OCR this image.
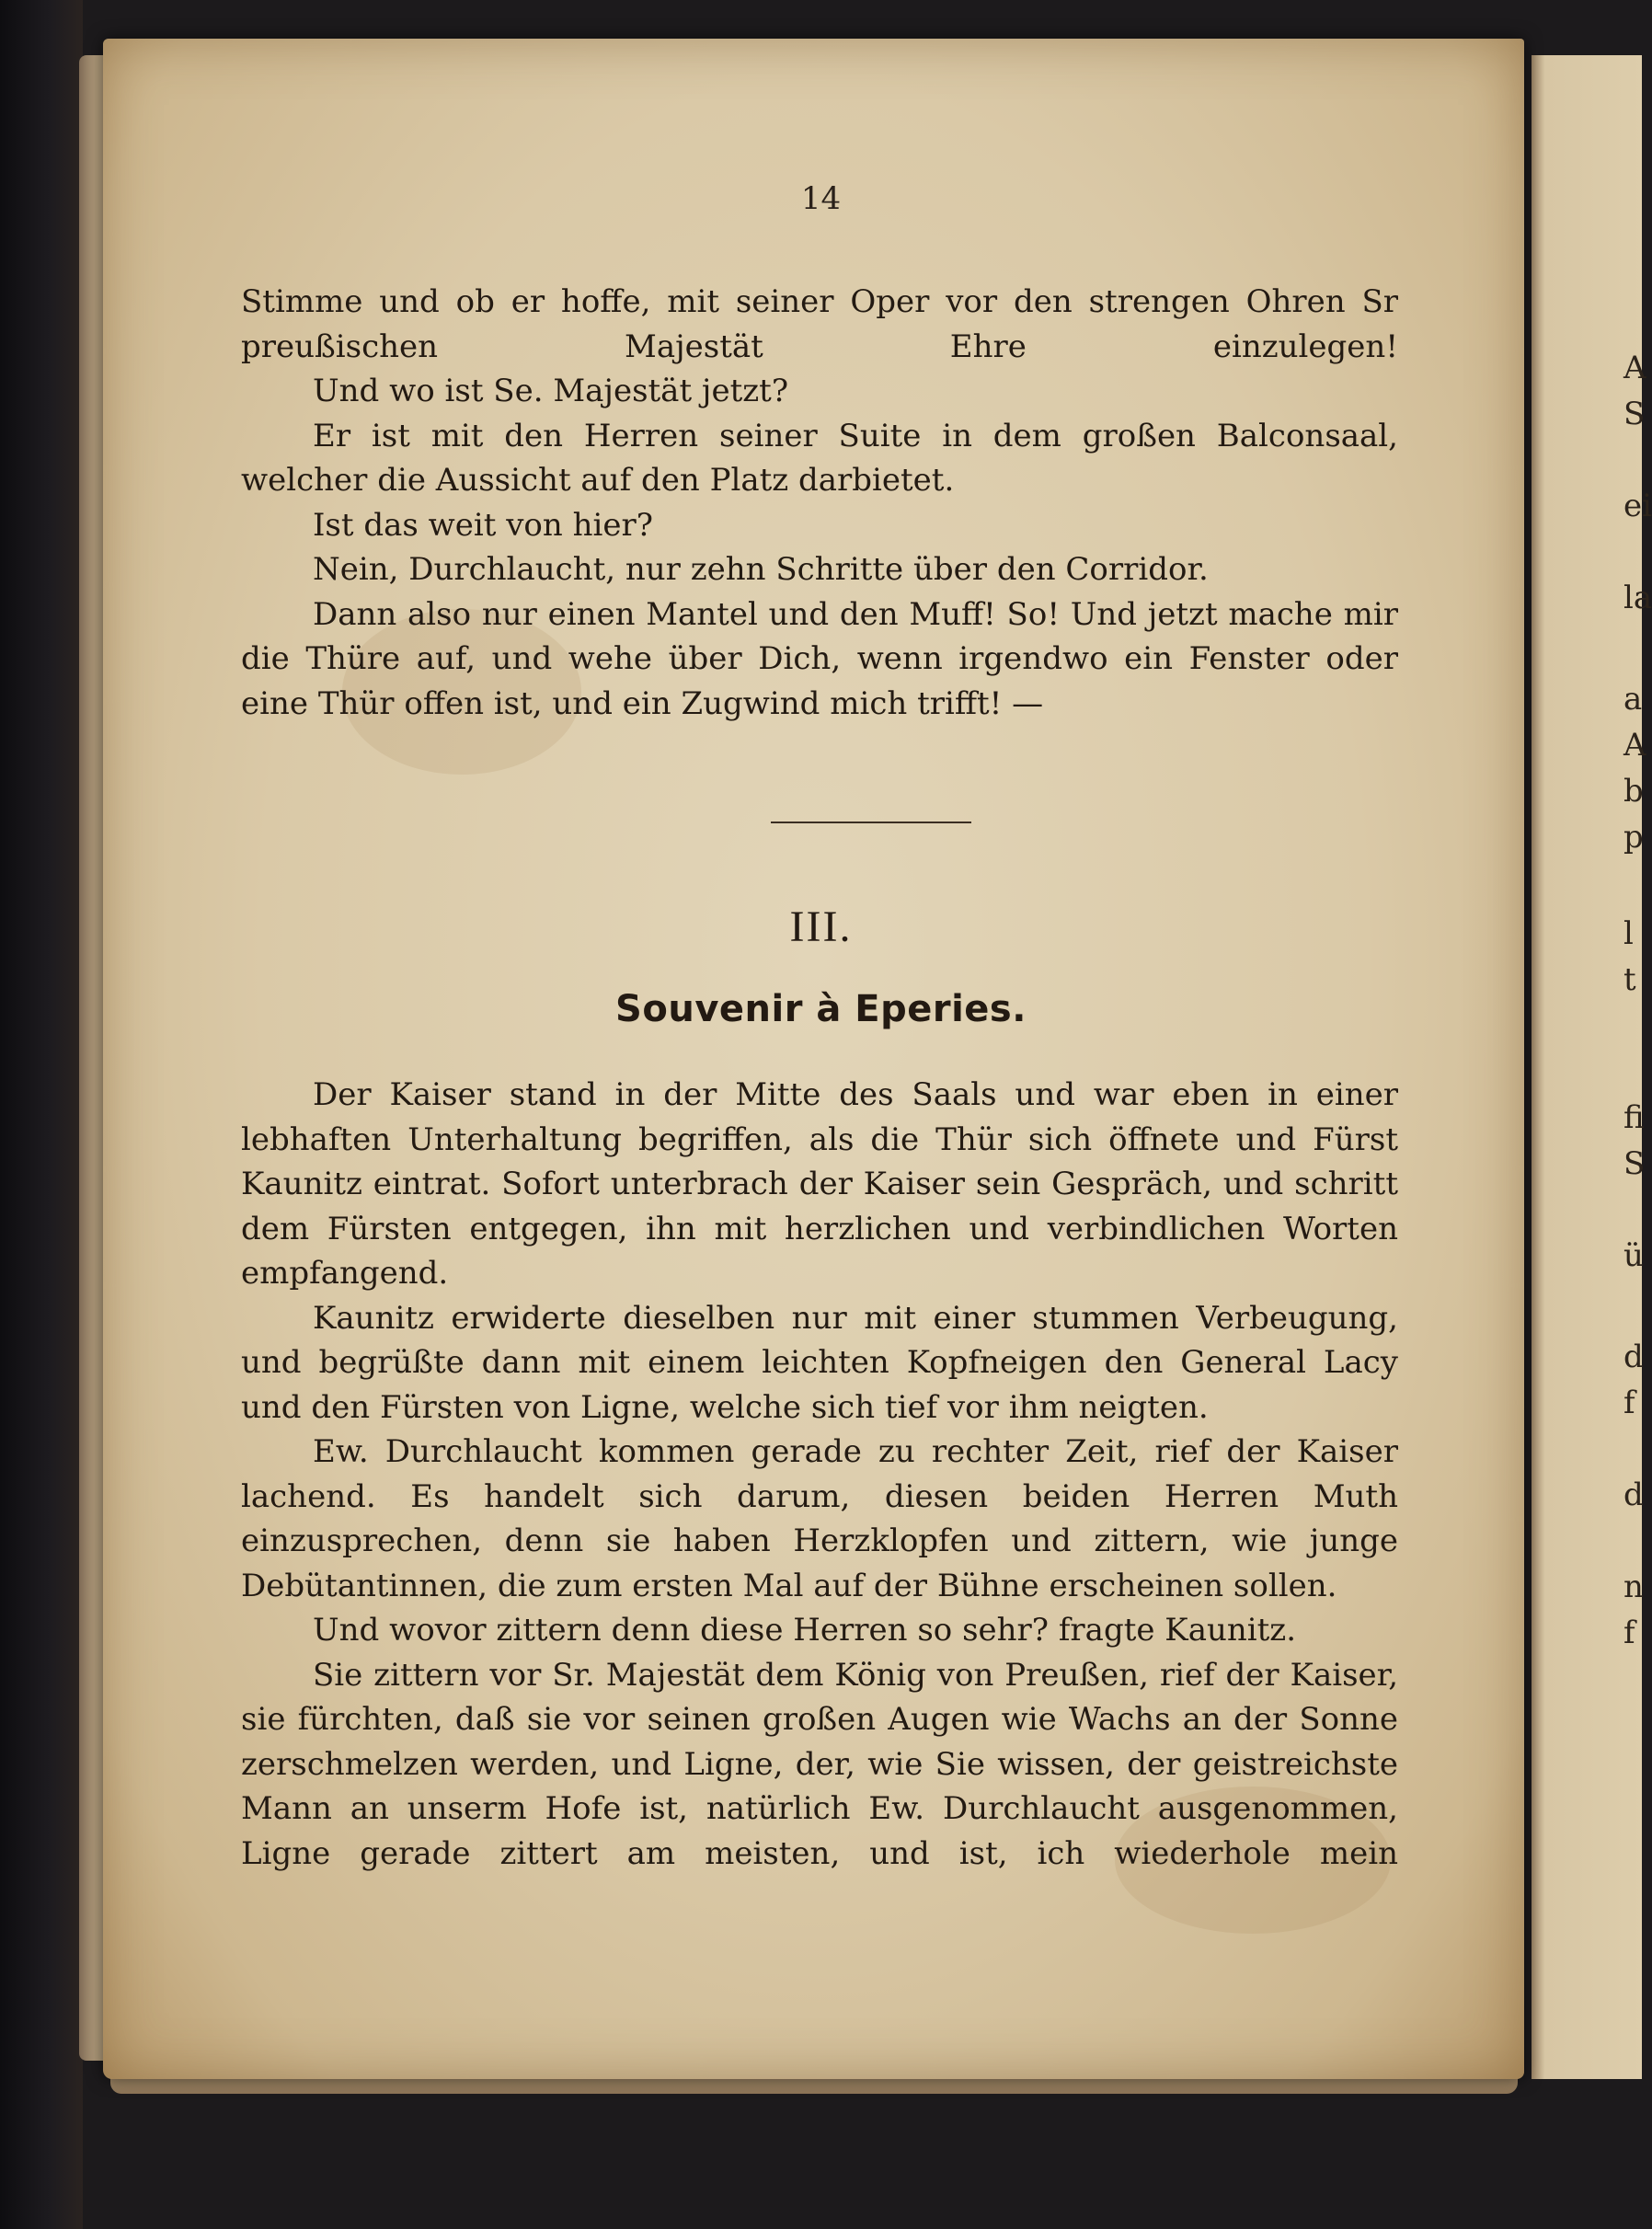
A
S
ei
la
a
A
b
p
l
t
fi
S
ü
d
f
d
n
f
14

Stimme und ob er hoffe, mit seiner Oper vor den strengen Ohren Sr preußischen Majestät Ehre einzulegen!

Und wo ist Se. Majestät jetzt?

Er ist mit den Herren seiner Suite in dem großen Balconsaal, welcher die Aussicht auf den Platz darbietet.

Ist das weit von hier?

Nein, Durchlaucht, nur zehn Schritte über den Corridor.

Dann also nur einen Mantel und den Muff! So! Und jetzt mache mir die Thüre auf, und wehe über Dich, wenn irgendwo ein Fenster oder eine Thür offen ist, und ein Zugwind mich trifft! —

III.
Souvenir à Eperies.

Der Kaiser stand in der Mitte des Saals und war eben in einer lebhaften Unterhaltung begriffen, als die Thür sich öffnete und Fürst Kaunitz eintrat. Sofort unterbrach der Kaiser sein Gespräch, und schritt dem Fürsten entgegen, ihn mit herzlichen und verbindlichen Worten empfangend.

Kaunitz erwiderte dieselben nur mit einer stummen Verbeugung, und begrüßte dann mit einem leichten Kopfneigen den General Lacy und den Fürsten von Ligne, welche sich tief vor ihm neigten.

Ew. Durchlaucht kommen gerade zu rechter Zeit, rief der Kaiser lachend. Es handelt sich darum, diesen beiden Herren Muth einzusprechen, denn sie haben Herzklopfen und zittern, wie junge Debütantinnen, die zum ersten Mal auf der Bühne erscheinen sollen.

Und wovor zittern denn diese Herren so sehr? fragte Kaunitz.

Sie zittern vor Sr. Majestät dem König von Preußen, rief der Kaiser, sie fürchten, daß sie vor seinen großen Augen wie Wachs an der Sonne zerschmelzen werden, und Ligne, der, wie Sie wissen, der geistreichste Mann an unserm Hofe ist, natürlich Ew. Durchlaucht ausgenommen, Ligne gerade zittert am meisten, und ist, ich wiederhole mein
